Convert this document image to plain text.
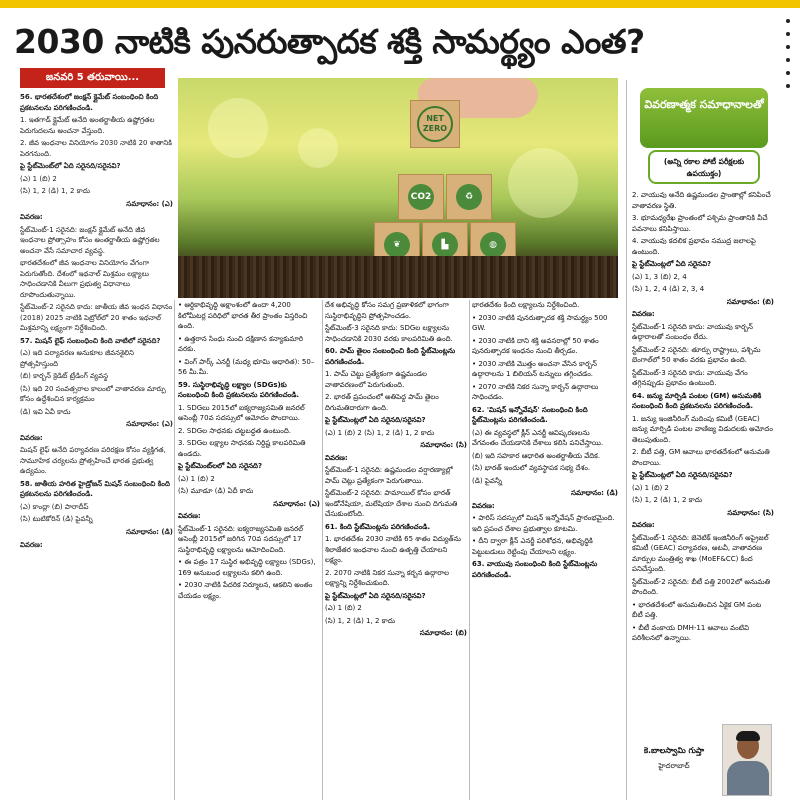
2030 నాటికి పునరుత్పాదక శక్తి సామర్థ్యం ఎంత?
జనవరి 5 తరువాయి...

56. భారతదేశంలో జంక్షన్ క్లైమేట్ సంబంధించి కింది ప్రకటనలను పరిగణించండి.

1. ఇతగాడ్ క్లైమేట్ అనేది అంతర్జాతీయ ఉష్ణోగ్రతల పెరుగుదలను అంచనా వేస్తుంది.

2. జీవ ఇంధనాల వినియోగం 2030 నాటికి 20 శాతానికి పెరగనుంది.

పై స్టేట్‌మెంట్‌లో ఏది సరైనది/సరైనవి?

(ఎ) 1 (బి) 2

(సి) 1, 2 (డి) 1, 2 కాదు

సమాధానం: (ఎ)

వివరణ:

స్టేట్‌మెంట్-1 సరైనది: జంక్షన్ క్లైమేట్ అనేది జీవ ఇంధనాల ప్రోత్సాహం కోసం అంతర్జాతీయ ఉష్ణోగ్రతల అంచనా వేసే సమాచార వ్యవస్థ.

భారతదేశంలో జీవ ఇంధనాల వినియోగం వేగంగా పెరుగుతోంది. దేశంలో ఇథనాల్ మిశ్రమం లక్ష్యాలు సాధించడానికి వీలుగా ప్రభుత్వ విధానాలు రూపొందుతున్నాయి.

స్టేట్‌మెంట్-2 సరైనది కాదు: జాతీయ జీవ ఇంధన విధానం (2018) 2025 నాటికి పెట్రోల్‌లో 20 శాతం ఇథనాల్ మిశ్రమాన్ని లక్ష్యంగా నిర్దేశించింది.

57. మిషన్ లైఫ్ సంబంధించి కింది వాటిలో సరైనది?

(ఎ) ఇది పర్యావరణ అనుకూల జీవనశైలిని ప్రోత్సహిస్తుంది

(బి) కార్బన్ క్రెడిట్ ట్రేడింగ్ వ్యవస్థ

(సి) ఇది 20 సంవత్సరాల కాలంలో వాతావరణ మార్పు కోసం ఉద్దేశించిన కార్యక్రమం

(డి) ఇవి ఏవీ కాదు

సమాధానం: (ఎ)

వివరణ:

మిషన్ లైఫ్ అనేది పర్యావరణ పరిరక్షణ కోసం వ్యక్తిగత, సామూహిక చర్యలను ప్రోత్సహించే భారత ప్రభుత్వ ఉద్యమం.

58. జాతీయ హరిత హైడ్రోజన్ మిషన్ సంబంధించి కింది ప్రకటనలను పరిగణించండి.

(ఎ) కాంద్లా (బి) పారాదీప్

(సి) టుటికోరిన్ (డి) పైవన్నీ

సమాధానం: (డి)

వివరణ:

NET ZERO
CO2	♻
❦	▙	◍

• ఆర్థికాభివృద్ధి అక్షాంశంలో ఉందా 4,200 కిలోమీటర్ల పరిధిలో భారత తీర ప్రాంతం విస్తరించి ఉంది.

• ఉత్తరాన సింధు నుంచి దక్షిణాన కన్యాకుమారి వరకు.

• వింగ్ పార్క్ ఎనర్జీ (మధ్య భూమి ఆధారిత): 50–56 మీ.మీ.

59. సుస్థిరాభివృద్ధి లక్ష్యాల (SDGs)కు సంబంధించి కింది ప్రకటనలను పరిగణించండి.

1. SDGలు 2015లో ఐక్యరాజ్యసమితి జనరల్ అసెంబ్లీ 70వ సదస్సులో ఆమోదం పొందాయి.

2. SDGల సాధనకు చట్టబద్ధత ఉంటుంది.

3. SDGల లక్ష్యాల సాధనకు నిర్దిష్ట కాలపరిమితి ఉండదు.

పై స్టేట్‌మెంట్‌లలో ఏది సరైనది?

(ఎ) 1 (బి) 2

(సి) మూడూ (డి) ఏదీ కాదు

సమాధానం: (ఎ)

వివరణ:

స్టేట్‌మెంట్-1 సరైనది: ఐక్యరాజ్యసమితి జనరల్ అసెంబ్లీ 2015లో జరిగిన 70వ సదస్సులో 17 సుస్థిరాభివృద్ధి లక్ష్యాలను ఆమోదించింది.

• ఈ పత్రం 17 సుస్థిర అభివృద్ధి లక్ష్యాలు (SDGs), 169 అనుబంధ లక్ష్యాలను కలిగి ఉంది.

• 2030 నాటికి పేదరిక నిర్మూలన, ఆకలిని అంతం చేయడం లక్ష్యం.

దేశ అభివృద్ధి కోసం సమగ్ర ప్రణాళికలో భాగంగా సుస్థిరాభివృద్ధిని ప్రోత్సహించడం.

స్టేట్‌మెంట్-3 సరైనది కాదు: SDGల లక్ష్యాలను సాధించడానికి 2030 వరకు కాలపరిమితి ఉంది.

60. పామ్ తైలం సంబంధించి కింది స్టేట్‌మెంట్లను పరిగణించండి.

1. పామ్ చెట్టు ప్రత్యేకంగా ఉష్ణమండల వాతావరణంలో పెరుగుతుంది.

2. భారత్ ప్రపంచంలో అతిపెద్ద పామ్ తైలం దిగుమతిదారుగా ఉంది.

పై స్టేట్‌మెంట్లలో ఏది సరైనది/సరైనవి?

(ఎ) 1 (బి) 2 (సి) 1, 2 (డి) 1, 2 కాదు

సమాధానం: (సి)

వివరణ:

స్టేట్‌మెంట్-1 సరైనది: ఉష్ణమండల వర్షారణ్యాల్లో పామ్ చెట్లు ప్రత్యేకంగా పెరుగుతాయి.

స్టేట్‌మెంట్-2 సరైనది: పామాయిల్ కోసం భారత్ ఇండోనేషియా, మలేషియా దేశాల నుంచి దిగుమతి చేసుకుంటోంది.

61. కింది స్టేట్‌మెంట్లను పరిగణించండి.

1. భారతదేశం 2030 నాటికి 65 శాతం విద్యుత్‌ను శిలాజేతర ఇంధనాల నుంచి ఉత్పత్తి చేయాలని లక్ష్యం.

2. 2070 నాటికి నికర సున్నా కర్బన ఉద్గారాల లక్ష్యాన్ని నిర్దేశించుకుంది.

పై స్టేట్‌మెంట్లలో ఏది సరైనది/సరైనవి?

(ఎ) 1 (బి) 2

(సి) 1, 2 (డి) 1, 2 కాదు

సమాధానం: (బి)

భారతదేశం కింది లక్ష్యాలను నిర్దేశించింది.

• 2030 నాటికి పునరుత్పాదక శక్తి సామర్థ్యం 500 GW.

• 2030 నాటికి దాని శక్తి అవసరాల్లో 50 శాతం పునరుత్పాదక ఇంధనం నుంచి తీర్చడం.

• 2030 నాటికి మొత్తం అంచనా వేసిన కార్బన్ ఉద్గారాలను 1 బిలియన్ టన్నులు తగ్గించడం.

• 2070 నాటికి నికర సున్నా కార్బన్ ఉద్గారాలు సాధించడం.

62. 'మిషన్ ఇన్నోవేషన్' సంబంధించి కింది స్టేట్‌మెంట్లను పరిగణించండి.

(ఎ) ఈ వ్యవస్థలో క్లీన్ ఎనర్జీ ఆవిష్కరణలను వేగవంతం చేయడానికి దేశాలు కలిసి పనిచేస్తాయి.

(బి) ఇది సహకార ఆధారిత అంతర్జాతీయ వేదిక.

(సి) భారత్ ఇందులో వ్యవస్థాపక సభ్య దేశం.

(డి) పైవన్నీ

సమాధానం: (డి)

వివరణ:

• పారిస్ సదస్సులో మిషన్ ఇన్నోవేషన్ ప్రారంభమైంది. ఇది ప్రపంచ దేశాల ప్రభుత్వాల కూటమి.

• దీని ద్వారా క్లీన్ ఎనర్జీ పరిశోధన, అభివృద్ధికి పెట్టుబడులు రెట్టింపు చేయాలని లక్ష్యం.

63. వాయువు సంబంధించి కింది స్టేట్‌మెంట్లను పరిగణించండి.

వివరణాత్మక సమాధానాలతో
(అన్ని రకాల పోటీ పరీక్షలకు ఉపయుక్తం)

2. వాయువు అనేది ఉష్ణమండల ప్రాంతాల్లో కనిపించే వాతావరణ స్థితి.

3. భూమధ్యరేఖ ప్రాంతంలో పశ్చిమ ప్రాంతానికి వీచే పవనాలు కనిపిస్తాయి.

4. వాయువు కదలిక ప్రభావం సముద్ర జలాలపై ఉంటుంది.

పై స్టేట్‌మెంట్లలో ఏది సరైనవి?

(ఎ) 1, 3 (బి) 2, 4

(సి) 1, 2, 4 (డి) 2, 3, 4

సమాధానం: (బి)

వివరణ:

స్టేట్‌మెంట్-1 సరైనది కాదు: వాయువు కార్బన్ ఉద్గారాలతో సంబంధం లేదు.

స్టేట్‌మెంట్-2 సరైనది: తూర్పు రాష్ట్రాలు, పశ్చిమ బెంగాల్‌లో 50 శాతం వరకు ప్రభావం ఉంది.

స్టేట్‌మెంట్-3 సరైనది కాదు: వాయువు వేగం తగ్గినప్పుడు ప్రభావం ఉంటుంది.

64. జన్యు మార్పిడి పంటల (GM) అనుమతికి సంబంధించి కింది ప్రకటనలను పరిగణించండి.

1. జన్యు ఇంజినీరింగ్ మదింపు కమిటీ (GEAC) జన్యు మార్పిడి పంటల వాణిజ్య విడుదలకు ఆమోదం తెలుపుతుంది.

2. బీటీ పత్తి, GM ఆవాలు భారతదేశంలో అనుమతి పొందాయి.

పై స్టేట్‌మెంట్లలో ఏది సరైనది/సరైనవి?

(ఎ) 1 (బి) 2

(సి) 1, 2 (డి) 1, 2 కాదు

సమాధానం: (సి)

వివరణ:

స్టేట్‌మెంట్-1 సరైనది: జెనెటిక్ ఇంజినీరింగ్ అప్రైజల్ కమిటీ (GEAC) పర్యావరణ, అటవీ, వాతావరణ మార్పుల మంత్రిత్వ శాఖ (MoEF&CC) కింద పనిచేస్తుంది.

స్టేట్‌మెంట్-2 సరైనది: బీటీ పత్తి 2002లో అనుమతి పొందింది.

• భారతదేశంలో అనుమతించిన ఏకైక GM పంట బీటీ పత్తి.

• బీటీ వంకాయ DMH-11 ఆవాలు వంటివి పరిశీలనలో ఉన్నాయి.

కె.బాలస్వామి గుప్తా
హైదరాబాద్
